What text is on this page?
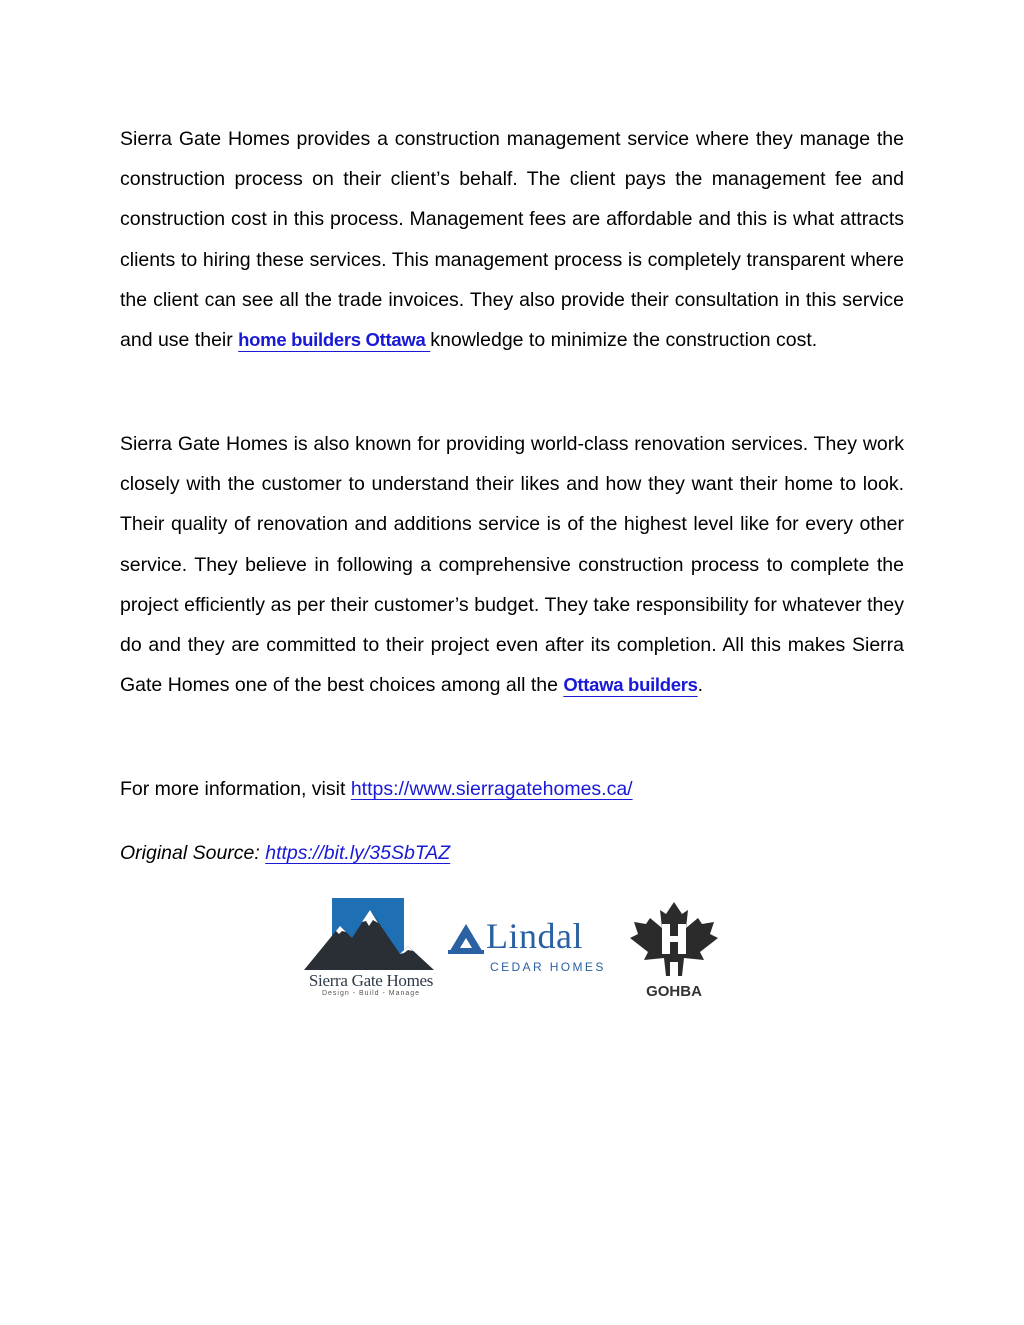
Sierra Gate Homes provides a construction management service where they manage the construction process on their client’s behalf. The client pays the management fee and construction cost in this process. Management fees are affordable and this is what attracts clients to hiring these services. This management process is completely transparent where the client can see all the trade invoices. They also provide their consultation in this service and use their home builders Ottawa knowledge to minimize the construction cost.

Sierra Gate Homes is also known for providing world-class renovation services. They work closely with the customer to understand their likes and how they want their home to look. Their quality of renovation and additions service is of the highest level like for every other service. They believe in following a comprehensive construction process to complete the project efficiently as per their customer’s budget. They take responsibility for whatever they do and they are committed to their project even after its completion. All this makes Sierra Gate Homes one of the best choices among all the Ottawa builders.

For more information, visit https://www.sierragatehomes.ca/

Original Source: https://bit.ly/35SbTAZ

Sierra Gate Homes
Design - Build - Manage
Lindal
CEDAR HOMES
GOHBA
